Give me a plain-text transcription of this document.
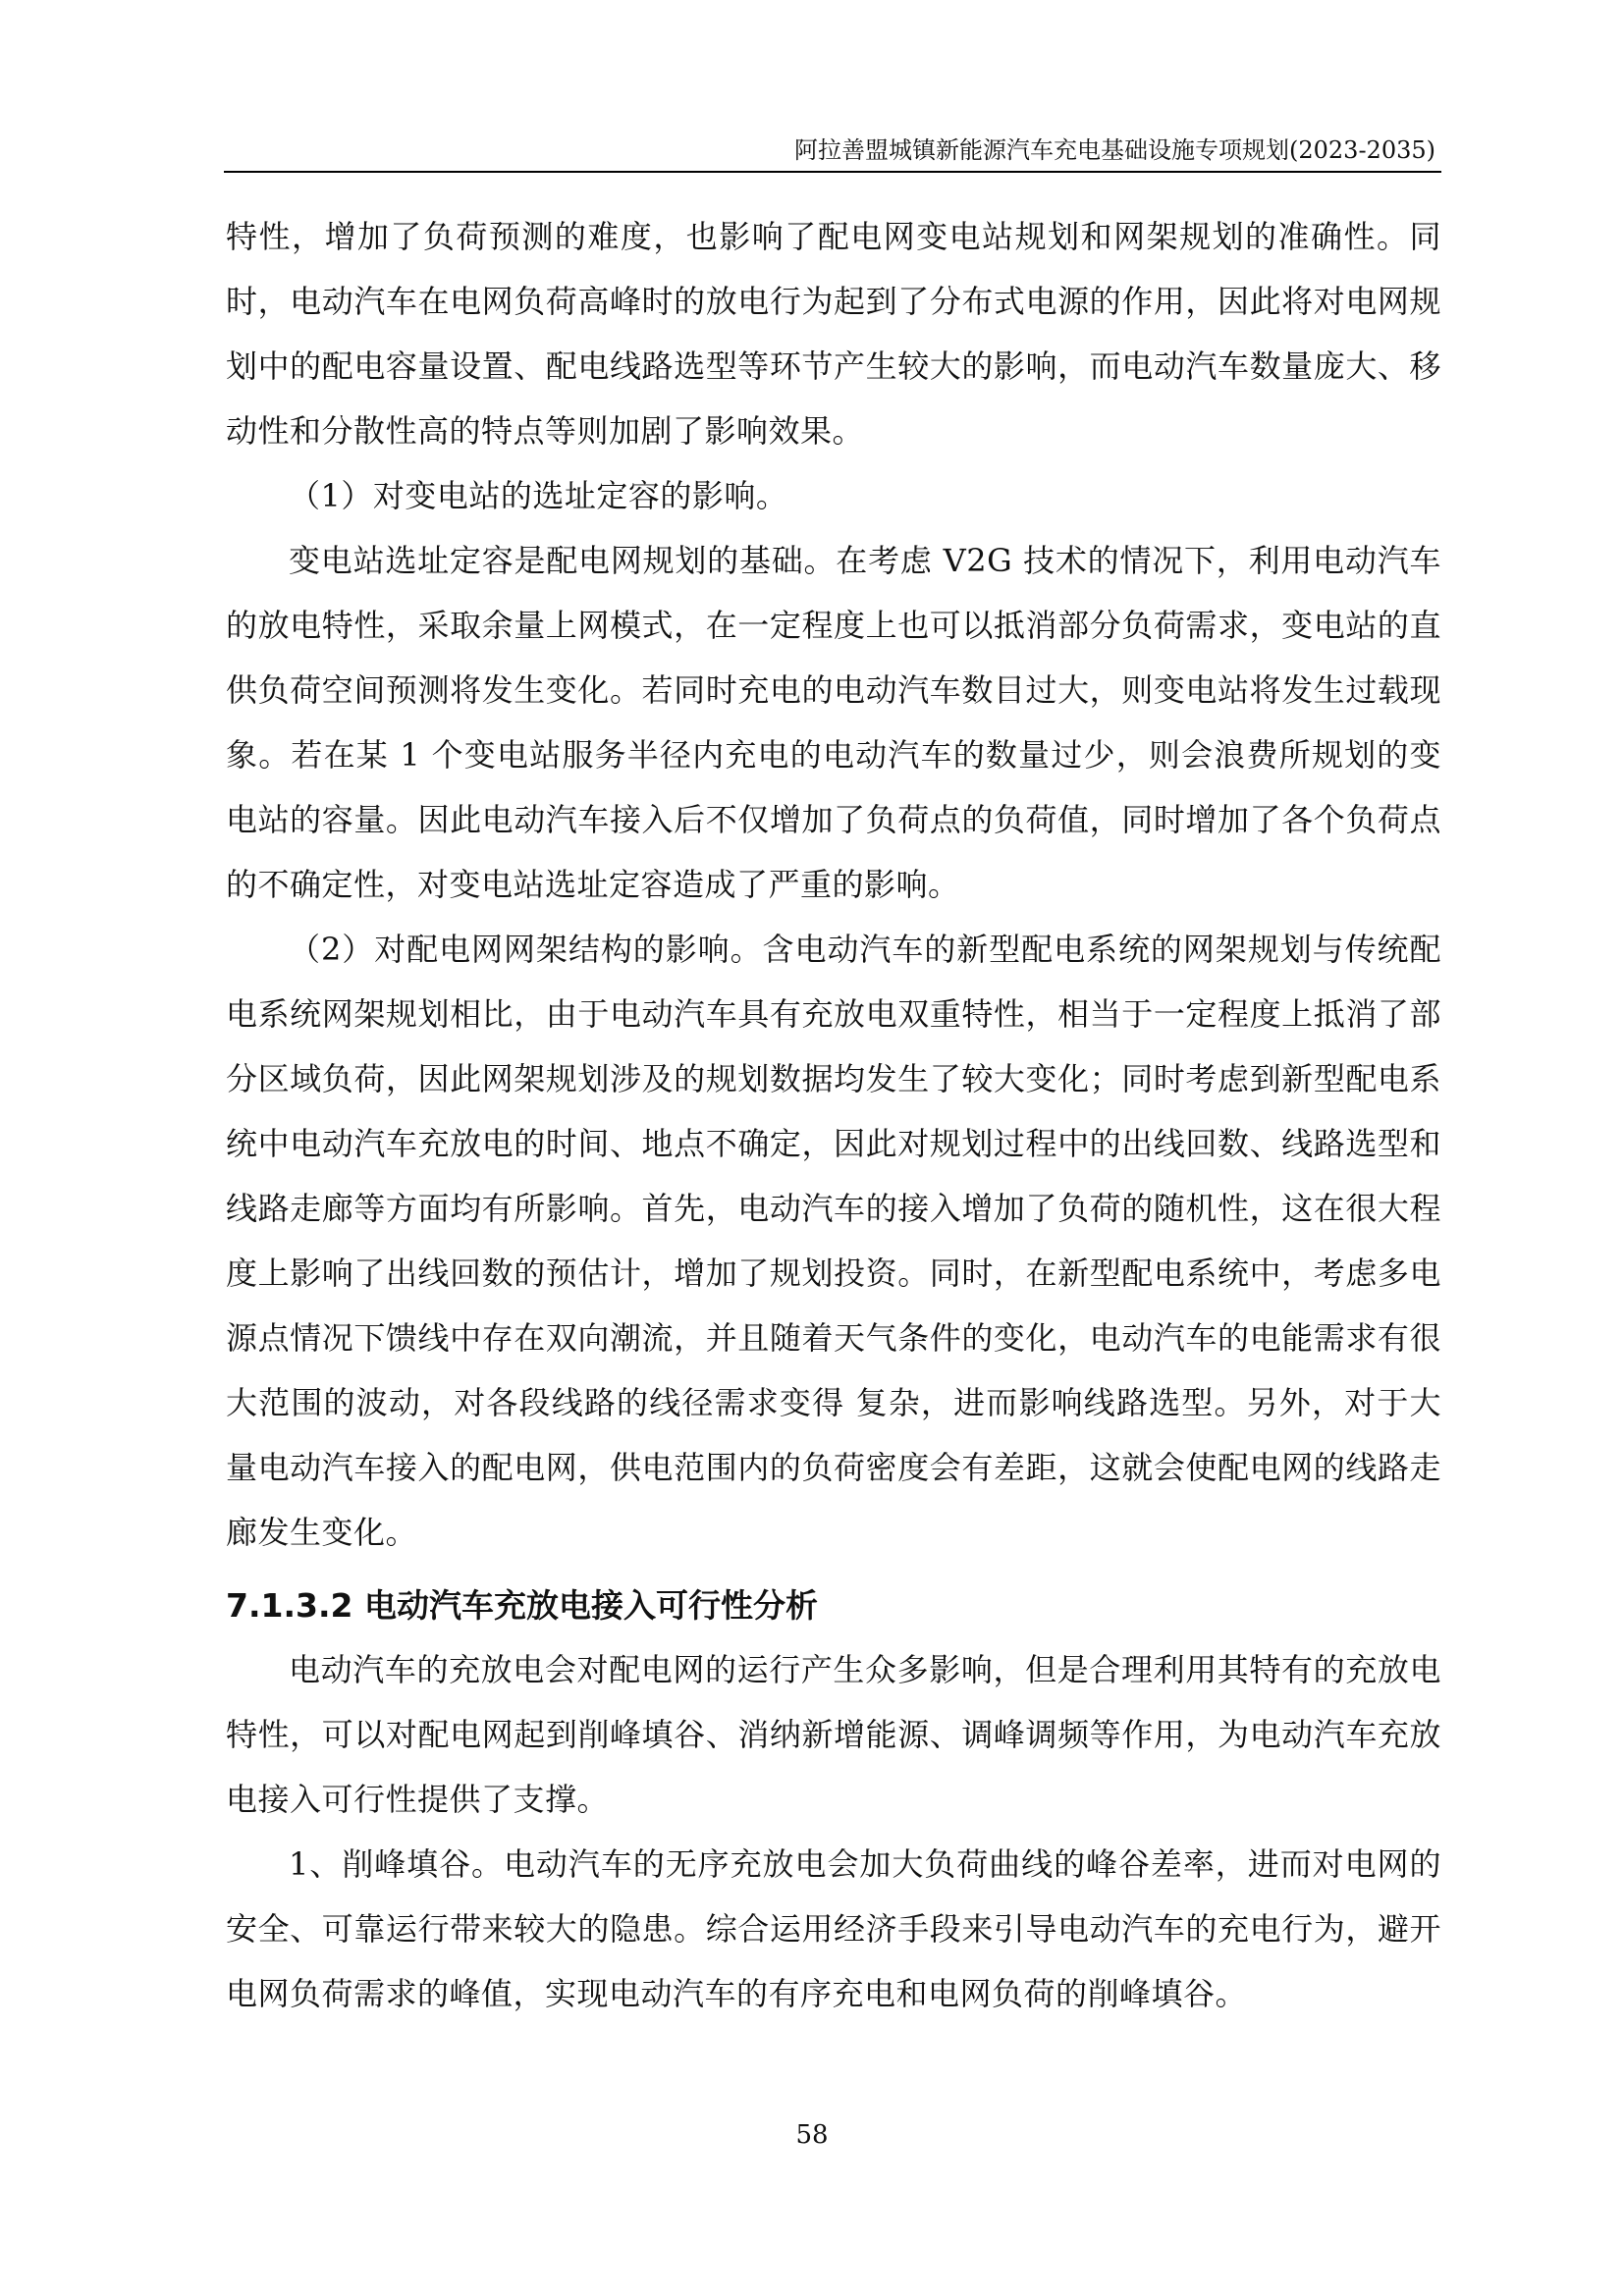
阿拉善盟城镇新能源汽车充电基础设施专项规划(2023-2035)

特性，增加了负荷预测的难度，也影响了配电网变电站规划和网架规划的准确性。同时，电动汽车在电网负荷高峰时的放电行为起到了分布式电源的作用，因此将对电网规划中的配电容量设置、配电线路选型等环节产生较大的影响，而电动汽车数量庞大、移动性和分散性高的特点等则加剧了影响效果。

（1）对变电站的选址定容的影响。

变电站选址定容是配电网规划的基础。在考虑 V2G 技术的情况下，利用电动汽车的放电特性，采取余量上网模式，在一定程度上也可以抵消部分负荷需求，变电站的直供负荷空间预测将发生变化。若同时充电的电动汽车数目过大，则变电站将发生过载现象。若在某 1 个变电站服务半径内充电的电动汽车的数量过少，则会浪费所规划的变电站的容量。因此电动汽车接入后不仅增加了负荷点的负荷值，同时增加了各个负荷点的不确定性，对变电站选址定容造成了严重的影响。

（2）对配电网网架结构的影响。含电动汽车的新型配电系统的网架规划与传统配电系统网架规划相比，由于电动汽车具有充放电双重特性，相当于一定程度上抵消了部分区域负荷，因此网架规划涉及的规划数据均发生了较大变化；同时考虑到新型配电系统中电动汽车充放电的时间、地点不确定，因此对规划过程中的出线回数、线路选型和线路走廊等方面均有所影响。首先，电动汽车的接入增加了负荷的随机性，这在很大程度上影响了出线回数的预估计，增加了规划投资。同时，在新型配电系统中，考虑多电源点情况下馈线中存在双向潮流，并且随着天气条件的变化，电动汽车的电能需求有很大范围的波动，对各段线路的线径需求变得 复杂，进而影响线路选型。另外，对于大量电动汽车接入的配电网，供电范围内的负荷密度会有差距，这就会使配电网的线路走廊发生变化。

7.1.3.2 电动汽车充放电接入可行性分析

电动汽车的充放电会对配电网的运行产生众多影响，但是合理利用其特有的充放电特性，可以对配电网起到削峰填谷、消纳新增能源、调峰调频等作用，为电动汽车充放电接入可行性提供了支撑。

1、削峰填谷。电动汽车的无序充放电会加大负荷曲线的峰谷差率，进而对电网的安全、可靠运行带来较大的隐患。综合运用经济手段来引导电动汽车的充电行为，避开电网负荷需求的峰值，实现电动汽车的有序充电和电网负荷的削峰填谷。

58
